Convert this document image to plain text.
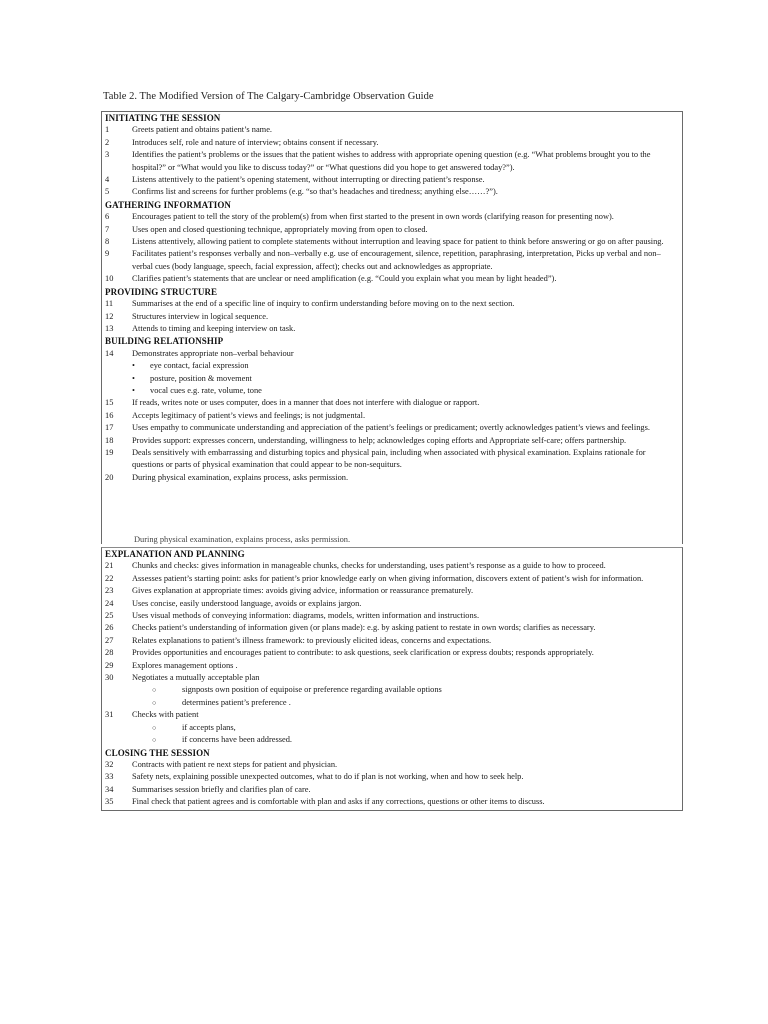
Table 2. The Modified Version of The Calgary-Cambridge Observation Guide
INITIATING THE SESSION
1	Greets patient and obtains patient’s name.
2	Introduces self, role and nature of interview; obtains consent if necessary.
3	Identifies the patient’s problems or the issues that the patient wishes to address with appropriate opening question (e.g. “What problems brought you to the hospital?” or “What would you like to discuss today?” or “What questions did you hope to get answered today?”).
4	Listens attentively to the patient’s opening statement, without interrupting or directing patient’s response.
5	Confirms list and screens for further problems (e.g. “so that’s headaches and tiredness; anything else……?”).
GATHERING INFORMATION
6	Encourages patient to tell the story of the problem(s) from when first started to the present in own words (clarifying reason for presenting now).
7	Uses open and closed questioning technique, appropriately moving from open to closed.
8	Listens attentively, allowing patient to complete statements without interruption and leaving space for patient to think before answering or go on after pausing.
9	Facilitates patient’s responses verbally and non–verbally e.g. use of encouragement, silence, repetition, paraphrasing, interpretation, Picks up verbal and non–verbal cues (body language, speech, facial expression, affect); checks out and acknowledges as appropriate.
10	Clarifies patient’s statements that are unclear or need amplification (e.g. “Could you explain what you mean by light headed”).
PROVIDING STRUCTURE
11	Summarises at the end of a specific line of inquiry to confirm understanding before moving on to the next section.
12	Structures interview in logical sequence.
13	Attends to timing and keeping interview on task.
BUILDING RELATIONSHIP
14	Demonstrates appropriate non–verbal behaviour
•	eye contact, facial expression
•	posture, position & movement
•	vocal cues e.g. rate, volume, tone
15	If reads, writes note or uses computer, does in a manner that does not interfere with dialogue or rapport.
16	Accepts legitimacy of patient’s views and feelings; is not judgmental.
17	Uses empathy to communicate understanding and appreciation of the patient’s feelings or predicament; overtly acknowledges patient’s views and feelings.
18	Provides support: expresses concern, understanding, willingness to help; acknowledges coping efforts and Appropriate self-care; offers partnership.
19	Deals sensitively with embarrassing and disturbing topics and physical pain, including when associated with physical examination. Explains rationale for questions or parts of physical examination that could appear to be non-sequiturs.
20	During physical examination, explains process, asks permission.
During physical examination, explains process, asks permission.
EXPLANATION AND PLANNING
21	Chunks and checks: gives information in manageable chunks, checks for understanding, uses patient’s response as a guide to how to proceed.
22	Assesses patient’s starting point: asks for patient’s prior knowledge early on when giving information, discovers extent of patient’s wish for information.
23	Gives explanation at appropriate times: avoids giving advice, information or reassurance prematurely.
24	Uses concise, easily understood language, avoids or explains jargon.
25	Uses visual methods of conveying information: diagrams, models, written information and instructions.
26	Checks patient’s understanding of information given (or plans made): e.g. by asking patient to restate in own words; clarifies as necessary.
27	Relates explanations to patient’s illness framework: to previously elicited ideas, concerns and expectations.
28	Provides opportunities and encourages patient to contribute: to ask questions, seek clarification or express doubts; responds appropriately.
29	Explores management options .
30	Negotiates a mutually acceptable plan
○	signposts own position of equipoise or preference regarding available options
○	determines patient’s preference .
31	Checks with patient
○	if accepts plans,
○	if concerns have been addressed.
CLOSING THE SESSION
32	Contracts with patient re next steps for patient and physician.
33	Safety nets, explaining possible unexpected outcomes, what to do if plan is not working, when and how to seek help.
34	Summarises session briefly and clarifies plan of care.
35	Final check that patient agrees and is comfortable with plan and asks if any corrections, questions or other items to discuss.
